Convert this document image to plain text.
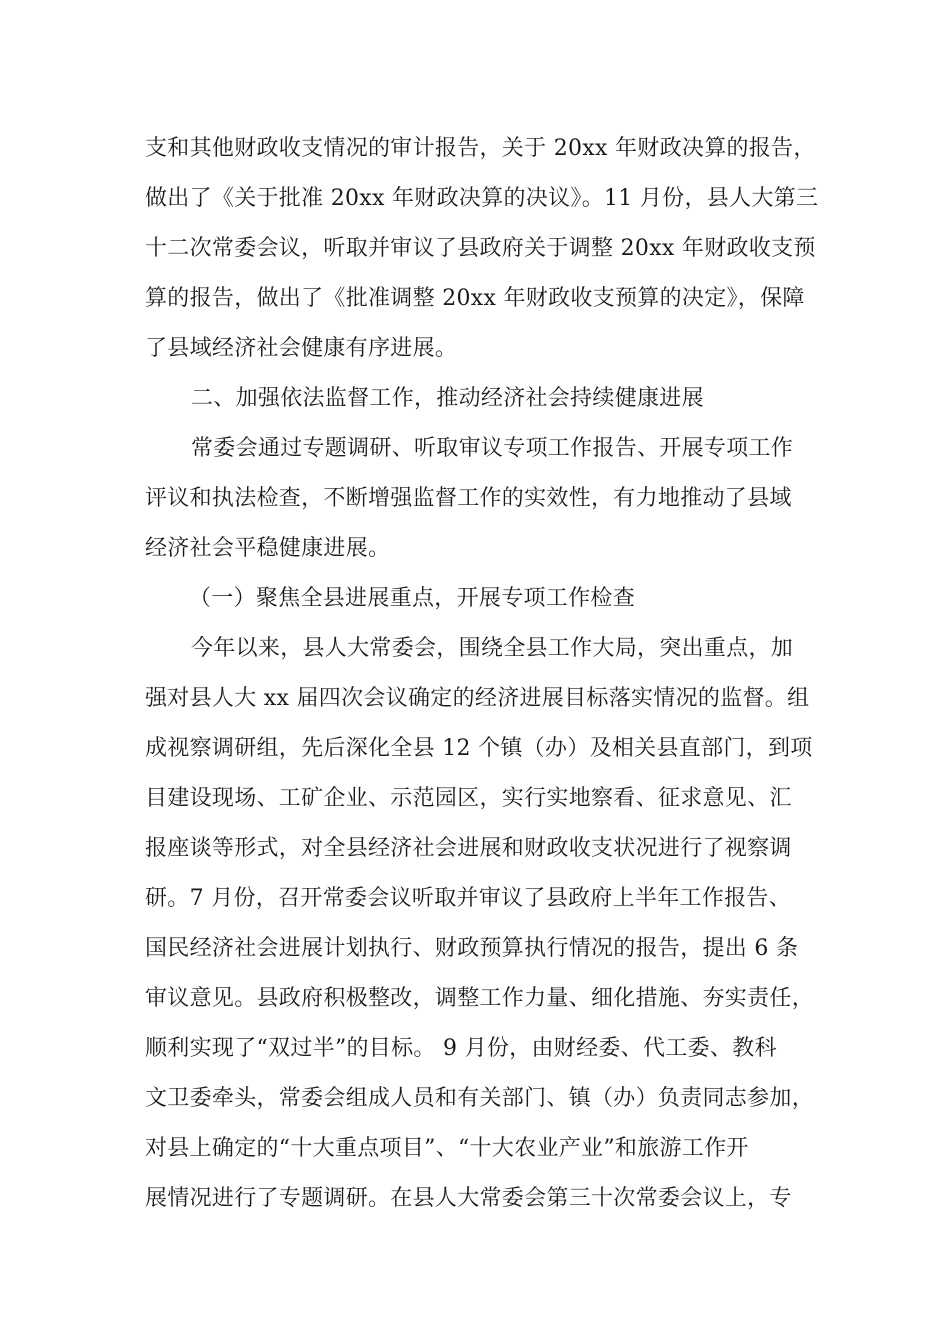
支和其他财政收支情况的审计报告，关于 20xx 年财政决算的报告，
做出了《关于批准 20xx 年财政决算的决议》。11 月份，县人大第三
十二次常委会议，听取并审议了县政府关于调整 20xx 年财政收支预
算的报告，做出了《批准调整 20xx 年财政收支预算的决定》，保障
了县域经济社会健康有序进展。
二、加强依法监督工作，推动经济社会持续健康进展
常委会通过专题调研、听取审议专项工作报告、开展专项工作
评议和执法检查，不断增强监督工作的实效性，有力地推动了县域
经济社会平稳健康进展。
（一）聚焦全县进展重点，开展专项工作检查
今年以来，县人大常委会，围绕全县工作大局，突出重点，加
强对县人大 xx 届四次会议确定的经济进展目标落实情况的监督。组
成视察调研组，先后深化全县 12 个镇（办）及相关县直部门，到项
目建设现场、工矿企业、示范园区，实行实地察看、征求意见、汇
报座谈等形式，对全县经济社会进展和财政收支状况进行了视察调
研。7 月份，召开常委会议听取并审议了县政府上半年工作报告、
国民经济社会进展计划执行、财政预算执行情况的报告，提出 6 条
审议意见。县政府积极整改，调整工作力量、细化措施、夯实责任，
顺利实现了“双过半”的目标。 9 月份，由财经委、代工委、教科
文卫委牵头，常委会组成人员和有关部门、镇（办）负责同志参加，
对县上确定的“十大重点项目”、“十大农业产业”和旅游工作开
展情况进行了专题调研。在县人大常委会第三十次常委会议上，专
